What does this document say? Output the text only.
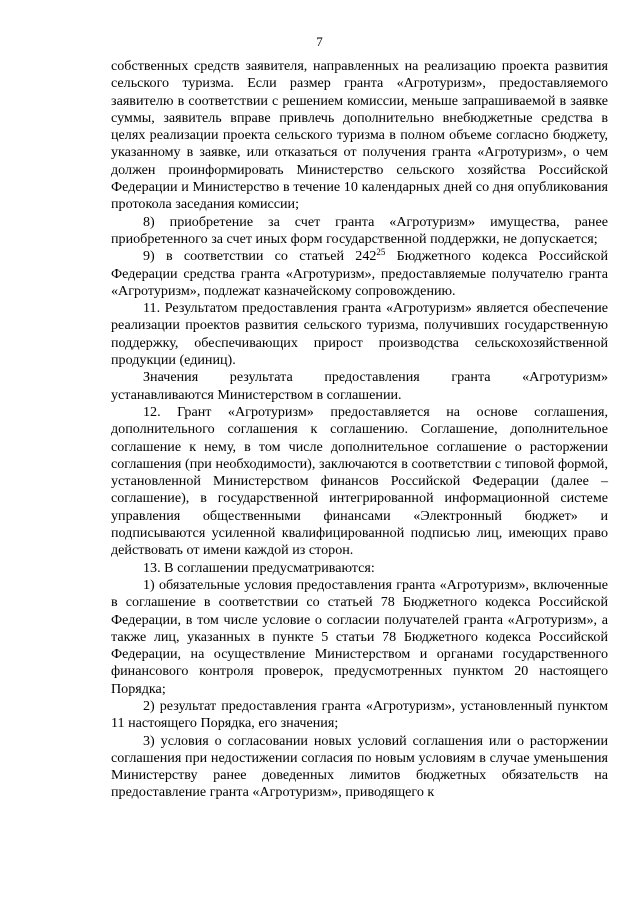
7

собственных средств заявителя, направленных на реализацию проекта развития сельского туризма. Если размер гранта «Агротуризм», предоставляемого заявителю в соответствии с решением комиссии, меньше запрашиваемой в заявке суммы, заявитель вправе привлечь дополнительно внебюджетные средства в целях реализации проекта сельского туризма в полном объеме согласно бюджету, указанному в заявке, или отказаться от получения гранта «Агротуризм», о чем должен проинформировать Министерство сельского хозяйства Российской Федерации и Министерство в течение 10 календарных дней со дня опубликования протокола заседания комиссии;

8) приобретение за счет гранта «Агротуризм» имущества, ранее приобретенного за счет иных форм государственной поддержки, не допускается;

9) в соответствии со статьей $242^{25}$ Бюджетного кодекса Российской Федерации средства гранта «Агротуризм», предоставляемые получателю гранта «Агротуризм», подлежат казначейскому сопровождению.

11. Результатом предоставления гранта «Агротуризм» является обеспечение реализации проектов развития сельского туризма, получивших государственную поддержку, обеспечивающих прирост производства сельскохозяйственной продукции (единиц).

Значения результата предоставления гранта «Агротуризм»

устанавливаются Министерством в соглашении.

12. Грант «Агротуризм» предоставляется на основе соглашения, дополнительного соглашения к соглашению. Соглашение, дополнительное соглашение к нему, в том числе дополнительное соглашение о расторжении соглашения (при необходимости), заключаются в соответствии с типовой формой, установленной Министерством финансов Российской Федерации (далее – соглашение), в государственной интегрированной информационной системе управления общественными финансами «Электронный бюджет» и подписываются усиленной квалифицированной подписью лиц, имеющих право действовать от имени каждой из сторон.

13. В соглашении предусматриваются:

1) обязательные условия предоставления гранта «Агротуризм», включенные в соглашение в соответствии со статьей 78 Бюджетного кодекса Российской Федерации, в том числе условие о согласии получателей гранта «Агротуризм», а также лиц, указанных в пункте 5 статьи 78 Бюджетного кодекса Российской Федерации, на осуществление Министерством и органами государственного финансового контроля проверок, предусмотренных пунктом 20 настоящего Порядка;

2) результат предоставления гранта «Агротуризм», установленный пунктом 11 настоящего Порядка, его значения;

3) условия о согласовании новых условий соглашения или о расторжении соглашения при недостижении согласия по новым условиям в случае уменьшения Министерству ранее доведенных лимитов бюджетных обязательств на предоставление гранта «Агротуризм», приводящего к
